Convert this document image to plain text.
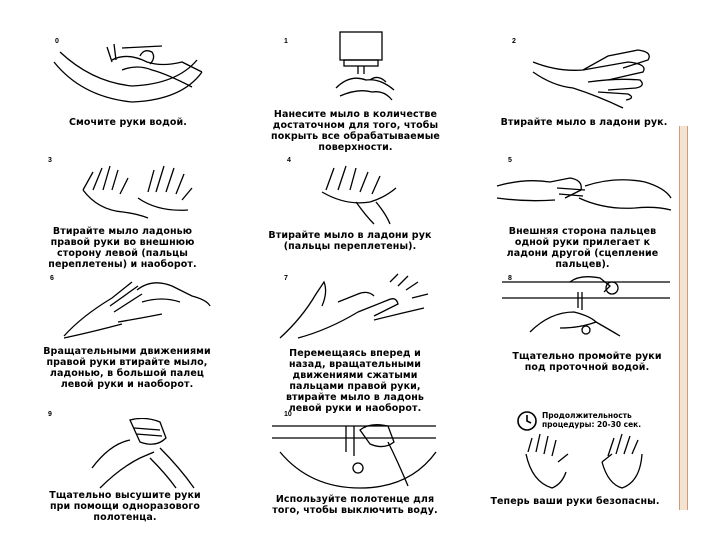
0
Смочите руки водой.
1
Нанесите мыло в количестве
достаточном для того, чтобы
покрыть все обрабатываемые
поверхности.
2
Втирайте мыло в ладони рук.
3
Втирайте мыло ладонью
правой руки во внешнюю
сторону левой (пальцы
переплетены) и наоборот.
4
Втирайте мыло в ладони рук
(пальцы переплетены).
5
Внешняя сторона пальцев
одной руки прилегает к
ладони другой (сцепление
пальцев).
6
Вращательными движениями
правой руки втирайте мыло,
ладонью, в большой палец
левой руки и наоборот.
7
Перемещаясь вперед и
назад, вращательными
движениями сжатыми
пальцами правой руки,
втирайте мыло в ладонь
левой руки и наоборот.
8
Тщательно промойте руки
под проточной водой.
9
Тщательно высушите руки
при помощи одноразового
полотенца.
10
Используйте полотенце для
того, чтобы выключить воду.
Продолжительность
процедуры: 20-30 сек.
Теперь ваши руки безопасны.
